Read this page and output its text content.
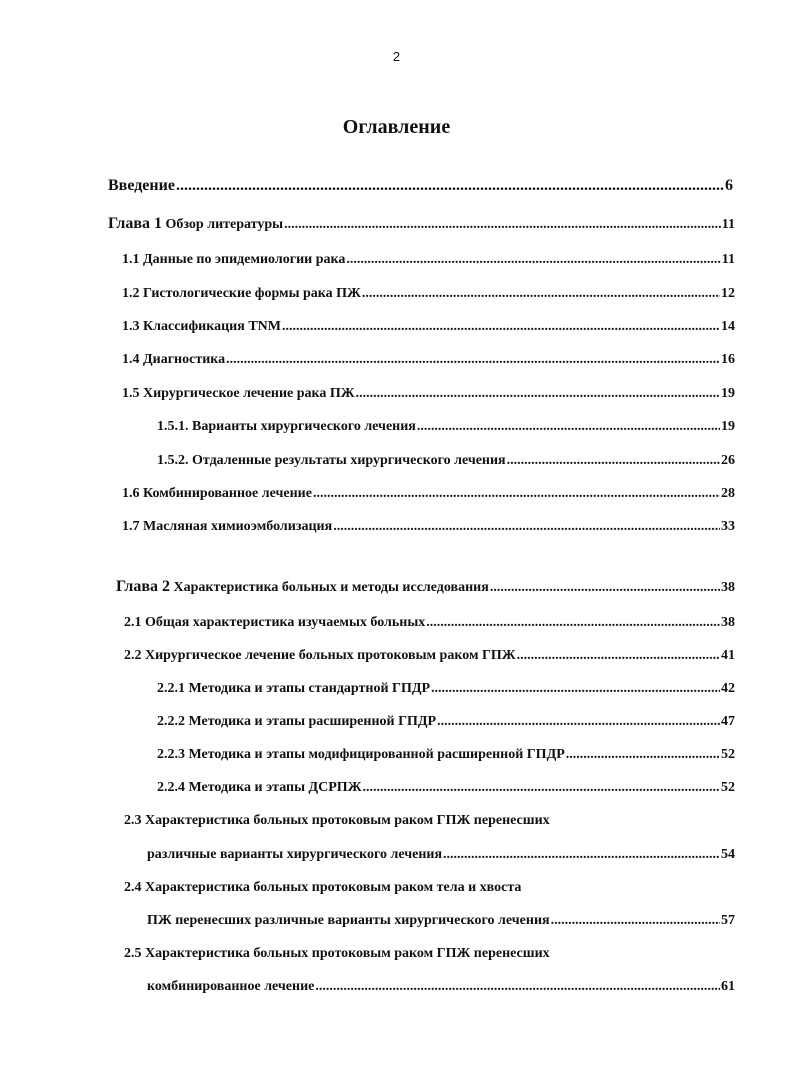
2
Оглавление
Введение .....	6
Глава 1 Обзор литературы .....	11
1.1 Данные по эпидемиологии рака .....	11
1.2 Гистологические формы рака ПЖ .....	12
1.3 Классификация TNM .....	14
1.4 Диагностика .....	16
1.5 Хирургическое лечение рака ПЖ .....	19
1.5.1. Варианты хирургического лечения .....	19
1.5.2. Отдаленные результаты хирургического лечения .....	26
1.6 Комбинированное лечение .....	28
1.7 Масляная химиоэмболизация .....	33
Глава 2 Характеристика больных и методы исследования .....	38
2.1 Общая характеристика изучаемых больных .....	38
2.2 Хирургическое лечение больных протоковым раком ГПЖ .....	41
2.2.1 Методика и этапы стандартной ГПДР .....	42
2.2.2 Методика и этапы расширенной ГПДР .....	47
2.2.3 Методика и этапы модифицированной расширенной ГПДР .....	52
2.2.4 Методика и этапы ДСРПЖ .....	52
2.3 Характеристика больных протоковым раком ГПЖ перенесших
различные варианты хирургического лечения .....	54
2.4 Характеристика больных протоковым раком тела и хвоста
ПЖ перенесших различные варианты хирургического лечения .....	57
2.5 Характеристика больных протоковым раком ГПЖ перенесших
комбинированное лечение .....	61
